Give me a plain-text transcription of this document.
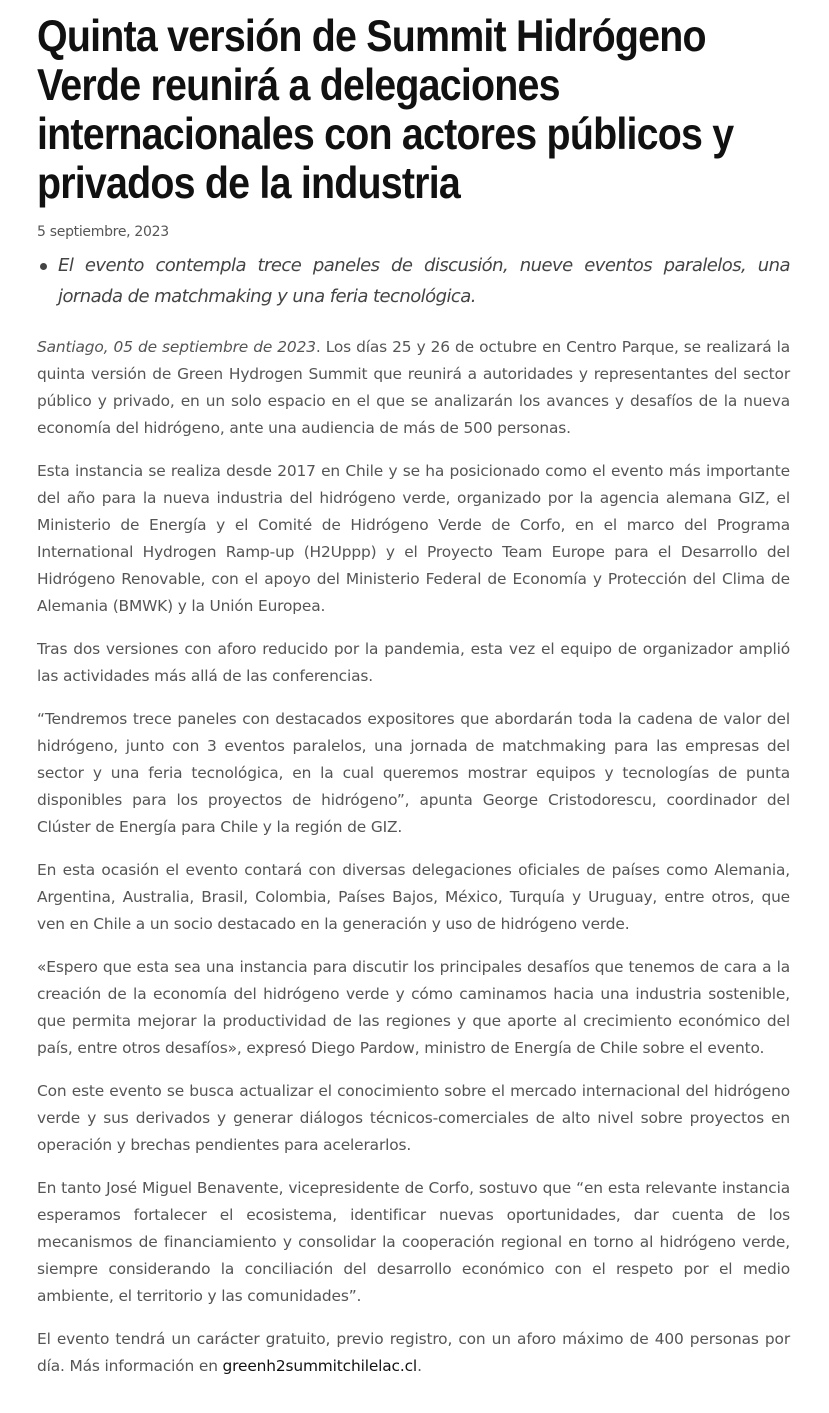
Quinta versión de Summit Hidrógeno Verde reunirá a delegaciones internacionales con actores públicos y privados de la industria
5 septiembre, 2023
El evento contempla trece paneles de discusión, nueve eventos paralelos, una jornada de matchmaking y una feria tecnológica.

Santiago, 05 de septiembre de 2023. Los días 25 y 26 de octubre en Centro Parque, se realizará la quinta versión de Green Hydrogen Summit que reunirá a autoridades y representantes del sector público y privado, en un solo espacio en el que se analizarán los avances y desafíos de la nueva economía del hidrógeno, ante una audiencia de más de 500 personas.

Esta instancia se realiza desde 2017 en Chile y se ha posicionado como el evento más importante del año para la nueva industria del hidrógeno verde, organizado por la agencia alemana GIZ, el Ministerio de Energía y el Comité de Hidrógeno Verde de Corfo, en el marco del Programa International Hydrogen Ramp-up (H2Uppp) y el Proyecto Team Europe para el Desarrollo del Hidrógeno Renovable, con el apoyo del Ministerio Federal de Economía y Protección del Clima de Alemania (BMWK) y la Unión Europea.

Tras dos versiones con aforo reducido por la pandemia, esta vez el equipo de organizador amplió las actividades más allá de las conferencias.

“Tendremos trece paneles con destacados expositores que abordarán toda la cadena de valor del hidrógeno, junto con 3 eventos paralelos, una jornada de matchmaking para las empresas del sector y una feria tecnológica, en la cual queremos mostrar equipos y tecnologías de punta disponibles para los proyectos de hidrógeno”, apunta George Cristodorescu, coordinador del Clúster de Energía para Chile y la región de GIZ.

En esta ocasión el evento contará con diversas delegaciones oficiales de países como Alemania, Argentina, Australia, Brasil, Colombia, Países Bajos, México, Turquía y Uruguay, entre otros, que ven en Chile a un socio destacado en la generación y uso de hidrógeno verde.

«Espero que esta sea una instancia para discutir los principales desafíos que tenemos de cara a la creación de la economía del hidrógeno verde y cómo caminamos hacia una industria sostenible, que permita mejorar la productividad de las regiones y que aporte al crecimiento económico del país, entre otros desafíos», expresó Diego Pardow, ministro de Energía de Chile sobre el evento.

Con este evento se busca actualizar el conocimiento sobre el mercado internacional del hidrógeno verde y sus derivados y generar diálogos técnicos-comerciales de alto nivel sobre proyectos en operación y brechas pendientes para acelerarlos.

En tanto José Miguel Benavente, vicepresidente de Corfo, sostuvo que “en esta relevante instancia esperamos fortalecer el ecosistema, identificar nuevas oportunidades, dar cuenta de los mecanismos de financiamiento y consolidar la cooperación regional en torno al hidrógeno verde, siempre considerando la conciliación del desarrollo económico con el respeto por el medio ambiente, el territorio y las comunidades”.

El evento tendrá un carácter gratuito, previo registro, con un aforo máximo de 400 personas por día. Más información en greenh2summitchilelac.cl.
